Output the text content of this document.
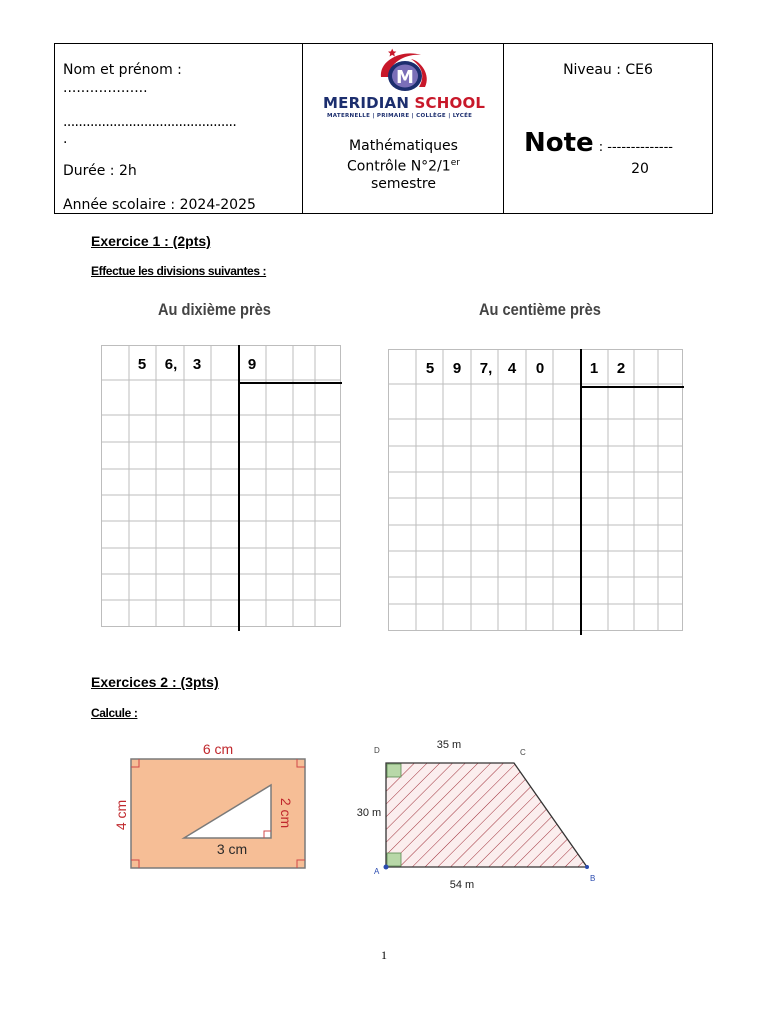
Nom et prénom :
...................
.............................................
.
Durée : 2h
Année scolaire : 2024-2025
M
MERIDIAN SCHOOL
MATERNELLE | PRIMAIRE | COLLÈGE | LYCÉE
Mathématiques
Contrôle N°2/1er
semestre
Niveau : CE6
Note : --------------
20
Exercice 1 : (2pts)
Effectue les divisions suivantes :
Au dixième près	Au centième près
5 6, 3	9	5 9 7, 4 0	1 2
Exercices 2 : (3pts)
Calcule :
6 cm
4 cm	2 cm
3 cm
D	C
A
B
35 m
30 m
54 m
1
